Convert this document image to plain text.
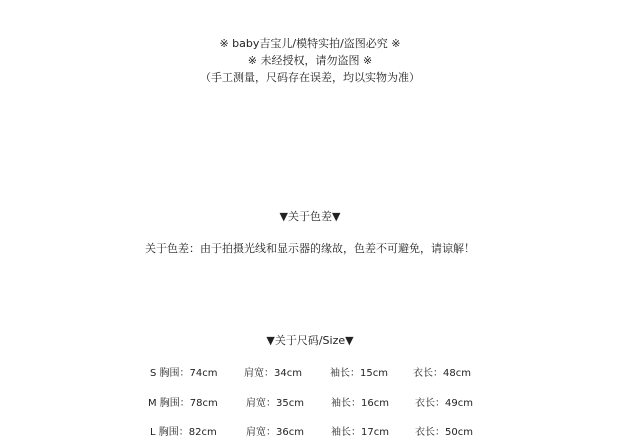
※ baby吉宝儿/模特实拍/盗图必究 ※
※ 未经授权，请勿盗图 ※
（手工测量，尺码存在误差，均以实物为准）
▼关于色差▼
关于色差：由于拍摄光线和显示器的缘故，色差不可避免，请谅解！
▼关于尺码/Size▼
S 胸围：74cm	肩宽：34cm	袖长：15cm	衣长：48cm
M 胸围：78cm	肩宽：35cm	袖长：16cm	衣长：49cm
L 胸围：82cm	肩宽：36cm	袖长：17cm	衣长：50cm
